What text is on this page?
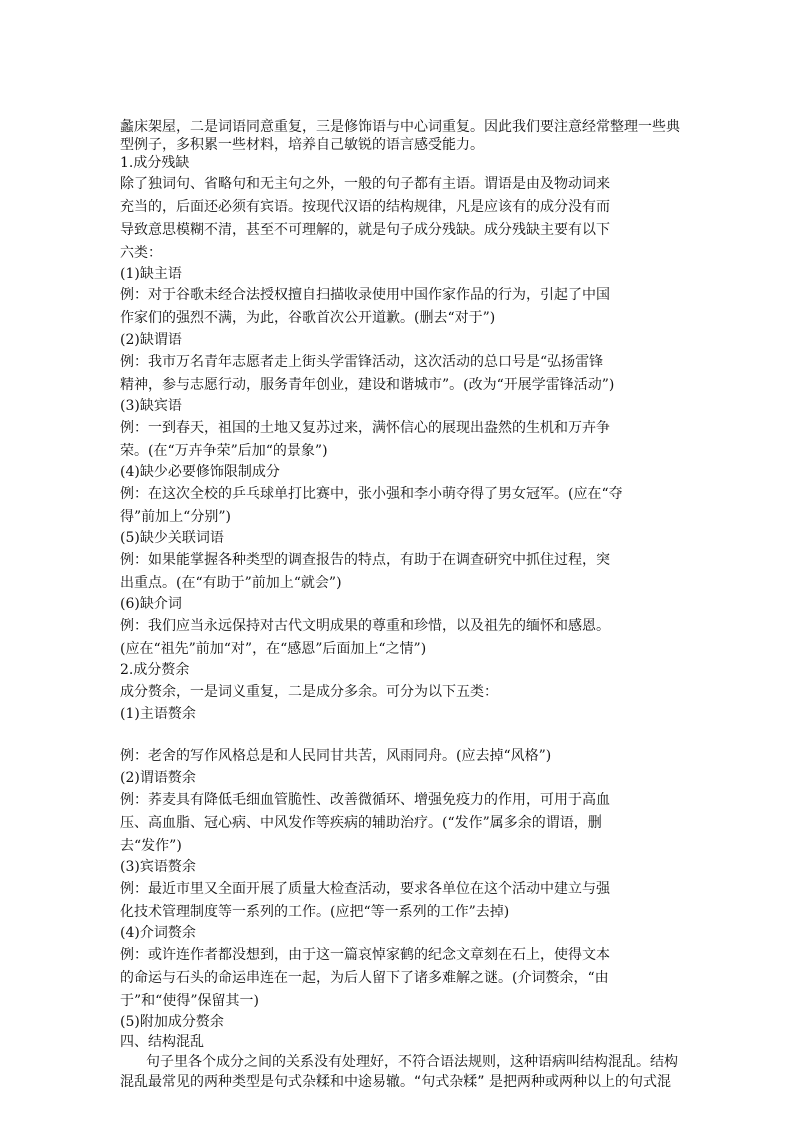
蠡床架屋，二是词语同意重复，三是修饰语与中心词重复。因此我们要注意经常整理一些典
型例子，多积累一些材料，培养自己敏锐的语言感受能力。
1.成分残缺
除了独词句、省略句和无主句之外，一般的句子都有主语。谓语是由及物动词来
充当的，后面还必须有宾语。按现代汉语的结构规律，凡是应该有的成分没有而
导致意思模糊不清，甚至不可理解的，就是句子成分残缺。成分残缺主要有以下
六类：
(1)缺主语
例：对于谷歌未经合法授权擅自扫描收录使用中国作家作品的行为，引起了中国
作家们的强烈不满，为此，谷歌首次公开道歉。(删去“对于”)
(2)缺谓语
例：我市万名青年志愿者走上街头学雷锋活动，这次活动的总口号是“弘扬雷锋
精神，参与志愿行动，服务青年创业，建设和谐城市”。(改为“开展学雷锋活动”)
(3)缺宾语
例：一到春天，祖国的土地又复苏过来，满怀信心的展现出盎然的生机和万卉争
荣。(在“万卉争荣”后加“的景象”)
(4)缺少必要修饰限制成分
例：在这次全校的乒乓球单打比赛中，张小强和李小萌夺得了男女冠军。(应在“夺
得”前加上“分别”)
(5)缺少关联词语
例：如果能掌握各种类型的调查报告的特点，有助于在调查研究中抓住过程，突
出重点。(在“有助于”前加上“就会”)
(6)缺介词
例：我们应当永远保持对古代文明成果的尊重和珍惜，以及祖先的缅怀和感恩。
(应在“祖先”前加“对”，在“感恩”后面加上“之情”)
2.成分赘余
成分赘余，一是词义重复，二是成分多余。可分为以下五类：
(1)主语赘余
例：老舍的写作风格总是和人民同甘共苦，风雨同舟。(应去掉“风格”)
(2)谓语赘余
例：荞麦具有降低毛细血管脆性、改善微循环、增强免疫力的作用，可用于高血
压、高血脂、冠心病、中风发作等疾病的辅助治疗。(“发作”属多余的谓语，删
去“发作”)
(3)宾语赘余
例：最近市里又全面开展了质量大检查活动，要求各单位在这个活动中建立与强
化技术管理制度等一系列的工作。(应把“等一系列的工作”去掉)
(4)介词赘余
例：或许连作者都没想到，由于这一篇哀悼家鹤的纪念文章刻在石上，使得文本
的命运与石头的命运串连在一起，为后人留下了诸多难解之谜。(介词赘余，“由
于”和“使得”保留其一)
(5)附加成分赘余
四、结构混乱
句子里各个成分之间的关系没有处理好，不符合语法规则，这种语病叫结构混乱。结构
混乱最常见的两种类型是句式杂糅和中途易辙。“句式杂糅” 是把两种或两种以上的句式混
